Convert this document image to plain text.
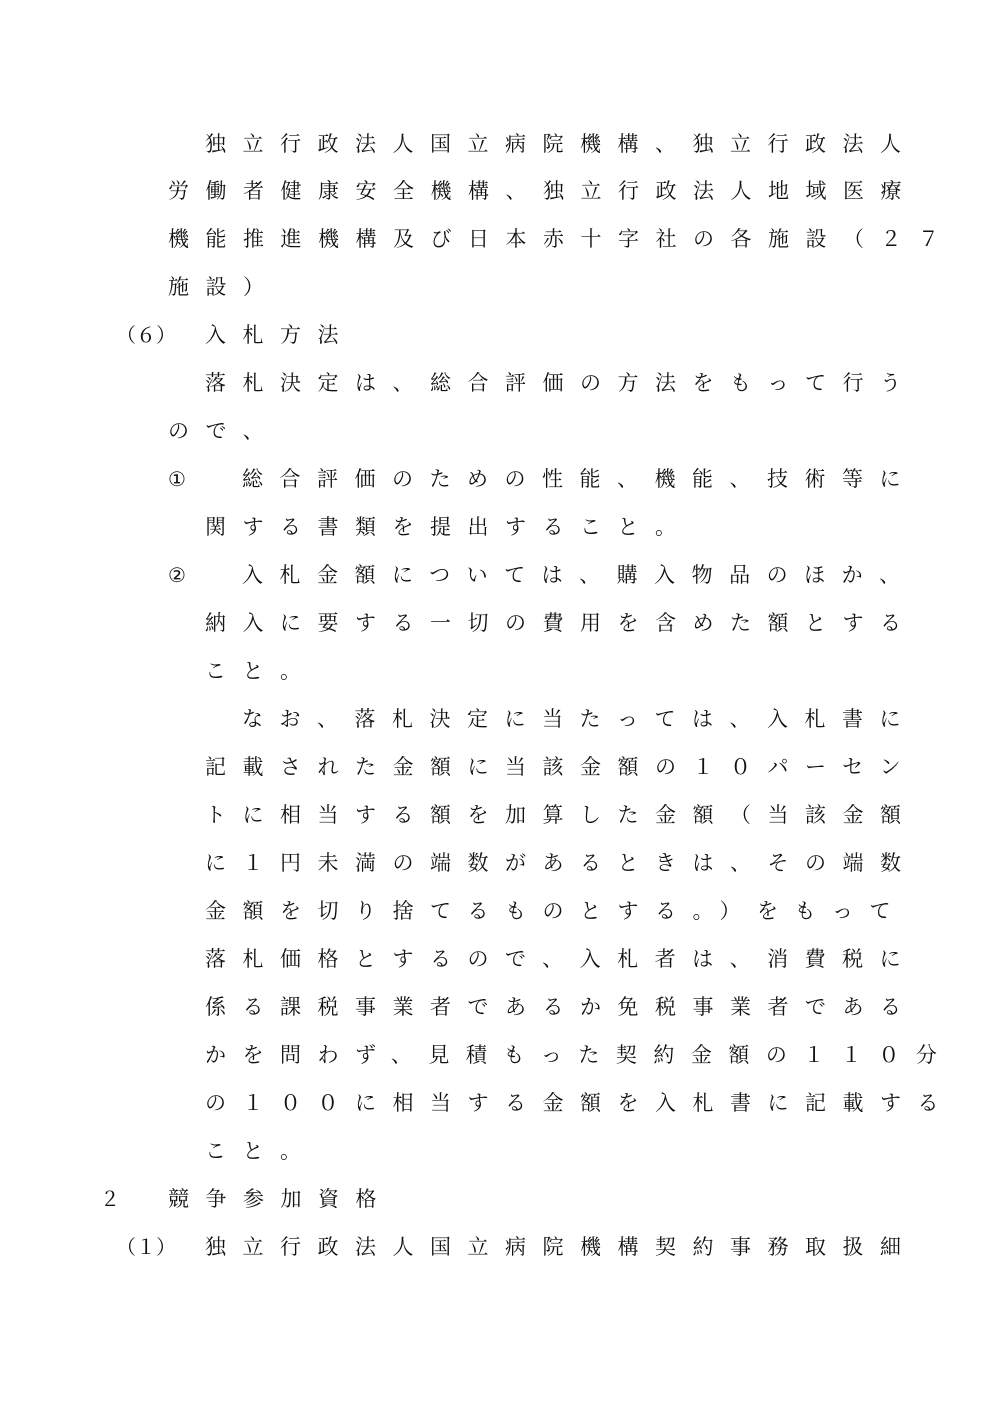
独立行政法人国立病院機構、独立行政法人
労働者健康安全機構、独立行政法人地域医療
機能推進機構及び日本赤十字社の各施設（２７
施設）
（６） 入札方法
落札決定は、総合評価の方法をもって行う
ので、
①	総合評価のための性能、機能、技術等に
関する書類を提出すること。
②	入札金額については、購入物品のほか、
納入に要する一切の費用を含めた額とする
こと。
なお、落札決定に当たっては、入札書に
記載された金額に当該金額の１０パーセン
トに相当する額を加算した金額（当該金額
に１円未満の端数があるときは、その端数
金額を切り捨てるものとする。）をもって
落札価格とするので、入札者は、消費税に
係る課税事業者であるか免税事業者である
かを問わず、見積もった契約金額の１１０分
の１００に相当する金額を入札書に記載する
こと。
２ 競争参加資格
（１） 独立行政法人国立病院機構契約事務取扱細
